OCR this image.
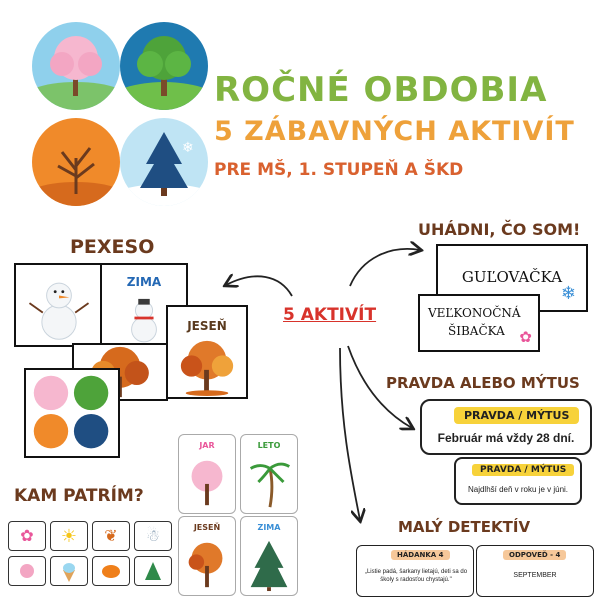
❄
ROČNÉ OBDOBIA
5 ZÁBAVNÝCH AKTIVÍT
PRE MŠ, 1. STUPEŇ A ŠKD
5 AKTIVÍT
PEXESO
ZIMA
JESEŇ
UHÁDNI, ČO SOM!
GUĽOVAČKA
❄
VEĽKONOČNÁ
ŠIBAČKA ✿
PRAVDA ALEBO MÝTUS
PRAVDA / MÝTUS
Február má vždy 28 dní.
PRAVDA / MÝTUS
Najdlhší deň v roku je v júni.
JAR	LETO
JESEŇ	ZIMA
KAM PATRÍM?
✿ ☀ ❦ ☃
MALÝ DETEKTÍV
HÁDANKA 4
„Listie padá, šarkany lietajú, deti sa do školy s radosťou chystajú."
ODPOVEĎ - 4
SEPTEMBER
